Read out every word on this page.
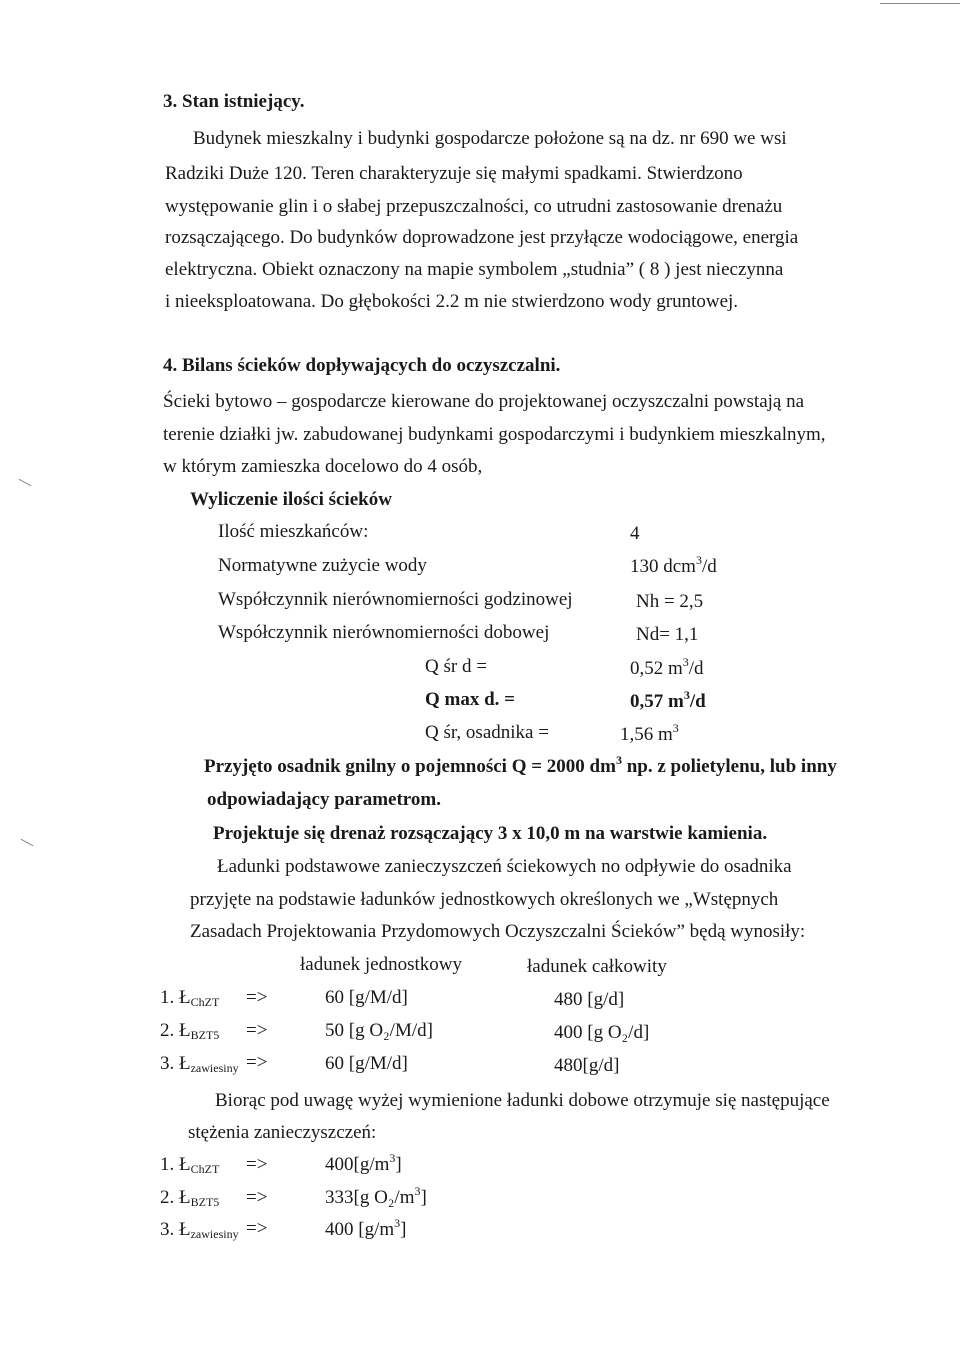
3. Stan istniejący.
Budynek mieszkalny i budynki gospodarcze położone są na dz. nr 690 we wsi
Radziki Duże 120. Teren charakteryzuje się małymi spadkami. Stwierdzono
występowanie glin i o słabej przepuszczalności, co utrudni zastosowanie drenażu
rozsączającego. Do budynków doprowadzone jest przyłącze wodociągowe, energia
elektryczna. Obiekt oznaczony na mapie symbolem „studnia” ( 8 ) jest nieczynna
i nieeksploatowana. Do głębokości 2.2 m nie stwierdzono wody gruntowej.
4. Bilans ścieków dopływających do oczyszczalni.
Ścieki bytowo – gospodarcze kierowane do projektowanej oczyszczalni powstają na
terenie działki jw. zabudowanej budynkami gospodarczymi i budynkiem mieszkalnym,
w którym zamieszka docelowo do 4 osób,
Wyliczenie ilości ścieków
Ilość mieszkańców:	4
Normatywne zużycie wody	130 dcm$^3$/d
Współczynnik nierównomierności godzinowej	Nh = 2,5
Współczynnik nierównomierności dobowej	Nd= 1,1
Q śr d =	0,52 $m^3/d$
Q max d. =	0,57 $m^3/d$
Q śr, osadnika =	1,56 $m^3$
Przyjęto osadnik gnilny o pojemności Q = 2000 $dm^3$ np. z polietylenu, lub inny
odpowiadający parametrom.
Projektuje się drenaż rozsączający 3 x 10,0 m na warstwie kamienia.
Ładunki podstawowe zanieczyszczeń ściekowych no odpływie do osadnika
przyjęte na podstawie ładunków jednostkowych określonych we „Wstępnych
Zasadach Projektowania Przydomowych Oczyszczalni Ścieków” będą wynosiły:
ładunek jednostkowy	ładunek całkowity
1. $Ł_{ChZT}$ =>	60 [g/M/d]	480 [g/d]
2. $Ł_{BZT5}$ =>	50 [g O₂/M/d]	400 [g O₂/d]
3. $Ł_{zawiesiny}$ =>	60 [g/M/d]	480[g/d]
Biorąc pod uwagę wyżej wymienione ładunki dobowe otrzymuje się następujące
stężenia zanieczyszczeń:
1. $Ł_{ChZT}$ =>	$400[g/m^3]$
2. $Ł_{BZT5}$ =>	333[g $O_2/m^3$]
3. $Ł_{zawiesiny}$ =>	400 $[g/m^3]$
